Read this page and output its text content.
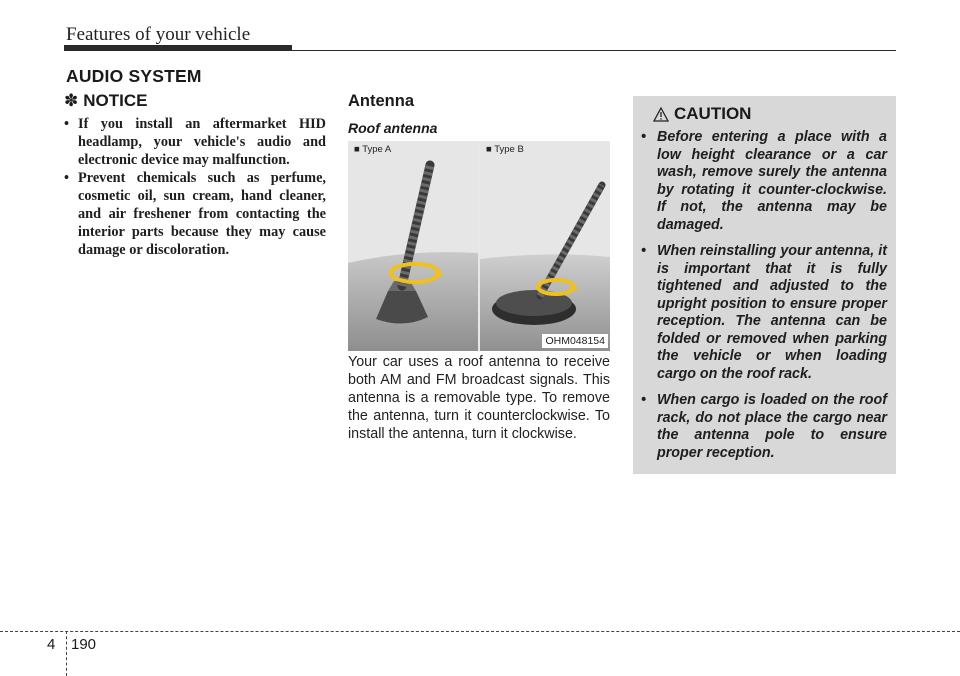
Features of your vehicle
AUDIO SYSTEM
✽ NOTICE
• If you install an aftermarket HID headlamp, your vehicle's audio and electronic device may malfunction.
• Prevent chemicals such as perfume, cosmetic oil, sun cream, hand cleaner, and air freshener from contacting the interior parts because they may cause damage or discoloration.
Antenna
Roof antenna
■ Type A	■ Type B
OHM048154
Your car uses a roof antenna to receive both AM and FM broadcast signals. This antenna is a removable type. To remove the antenna, turn it counterclockwise. To install the antenna, turn it clockwise.
CAUTION
• Before entering a place with a low height clearance or a car wash, remove surely the antenna by rotating it counter-clockwise. If not, the antenna may be damaged.
• When reinstalling your antenna, it is important that it is fully tightened and adjusted to the upright position to ensure proper reception. The antenna can be folded or removed when parking the vehicle or when loading cargo on the roof rack.
• When cargo is loaded on the roof rack, do not place the cargo near the antenna pole to ensure proper reception.
4 190
